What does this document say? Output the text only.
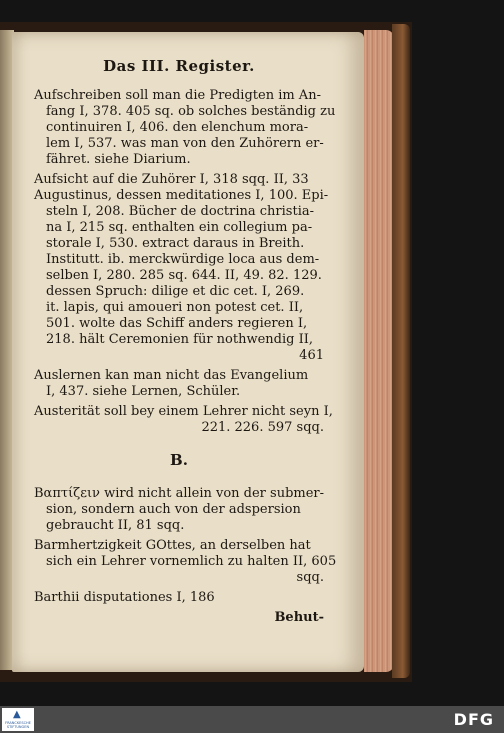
Das III. Register.
Aufschreiben soll man die Predigten im An-
fang I, 378. 405 sq. ob solches beständig zu
continuiren I, 406. den elenchum mora-
lem I, 537. was man von den Zuhörern er-
fähret. siehe Diarium.
Aufsicht auf die Zuhörer I, 318 sqq. II, 33
Augustinus, dessen meditationes I, 100. Epi-
steln I, 208. Bücher de doctrina christia-
na I, 215 sq. enthalten ein collegium pa-
storale I, 530. extract daraus in Breith.
Institutt. ib. merckwürdige loca aus dem-
selben I, 280. 285 sq. 644. II, 49. 82. 129.
dessen Spruch: dilige et dic cet. I, 269.
it. lapis, qui amoueri non potest cet. II,
501. wolte das Schiff anders regieren I,
218. hält Ceremonien für nothwendig II,
461
Auslernen kan man nicht das Evangelium
I, 437. siehe Lernen, Schüler.
Austerität soll bey einem Lehrer nicht seyn I,
221. 226. 597 sqq.
B.
Βαπτίζειν wird nicht allein von der submer-
sion, sondern auch von der adspersion
gebraucht II, 81 sqq.
Barmhertzigkeit GOttes, an derselben hat
sich ein Lehrer vornemlich zu halten II, 605
sqq.
Barthii disputationes I, 186
Behut-
▲
FRANCKESCHE
STIFTUNGEN	DFG
